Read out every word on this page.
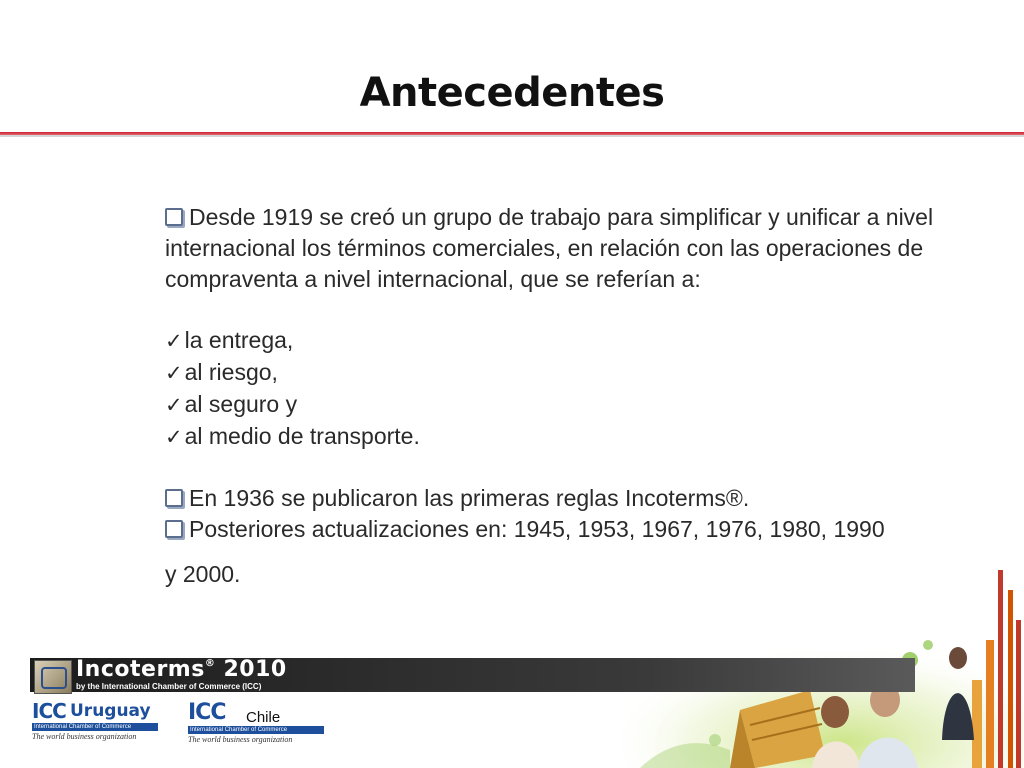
Antecedentes

Desde 1919 se creó un grupo de trabajo para simplificar y unificar a nivel internacional los términos comerciales, en relación con las operaciones de compraventa a nivel internacional, que se referían a:

✓la entrega,
✓al riesgo,
✓al seguro y
✓al medio de transporte.
En 1936 se publicaron las primeras reglas Incoterms®.
Posteriores actualizaciones en: 1945, 1953, 1967, 1976, 1980, 1990
y 2000.
Incoterms® 2010
by the International Chamber of Commerce (ICC)
ICC Uruguay
International Chamber of Commerce
The world business organization
ICC Chile
International Chamber of Commerce
The world business organization
